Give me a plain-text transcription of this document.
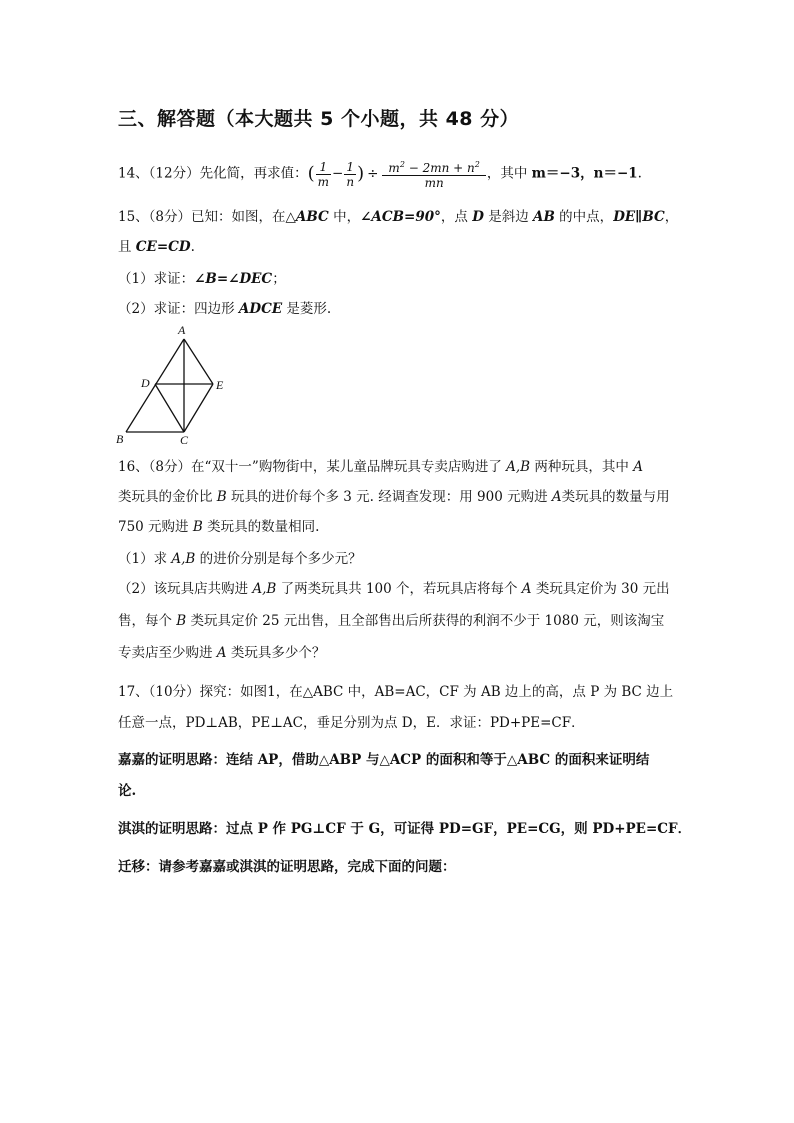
三、解答题（本大题共 5 个小题，共 48 分）
14、（12分）先化简，再求值：( $\frac{1}{m} - \frac{1}{n}$ ) ÷ $\frac{m^2 - 2mn + n^2}{mn}$ ，其中 m＝−3，n＝−1.
15、（8分）已知：如图，在△ABC 中，∠ACB=90°，点 D 是斜边 AB 的中点，DE∥BC，
且 CE=CD.
（1）求证：∠B=∠DEC；
（2）求证：四边形 ADCE 是菱形.
A
B	C
D	E
16、（8分）在“双十一”购物街中，某儿童品牌玩具专卖店购进了 A,B 两种玩具，其中 A
类玩具的金价比 B 玩具的进价每个多 3 元. 经调查发现：用 900 元购进 A类玩具的数量与用
750 元购进 B 类玩具的数量相同.
（1）求 A,B 的进价分别是每个多少元？
（2）该玩具店共购进 A,B 了两类玩具共 100 个，若玩具店将每个 A 类玩具定价为 30 元出
售，每个 B 类玩具定价 25 元出售，且全部售出后所获得的利润不少于 1080 元，则该淘宝
专卖店至少购进 A 类玩具多少个？
17、（10分）探究：如图1，在△ABC 中，AB=AC，CF 为 AB 边上的高，点 P 为 BC 边上
任意一点，PD⊥AB，PE⊥AC，垂足分别为点 D，E．求证：PD+PE=CF．
嘉嘉的证明思路：连结 AP，借助△ABP 与△ACP 的面积和等于△ABC 的面积来证明结
论.
淇淇的证明思路：过点 P 作 PG⊥CF 于 G，可证得 PD=GF，PE=CG，则 PD+PE=CF．
迁移：请参考嘉嘉或淇淇的证明思路，完成下面的问题：
